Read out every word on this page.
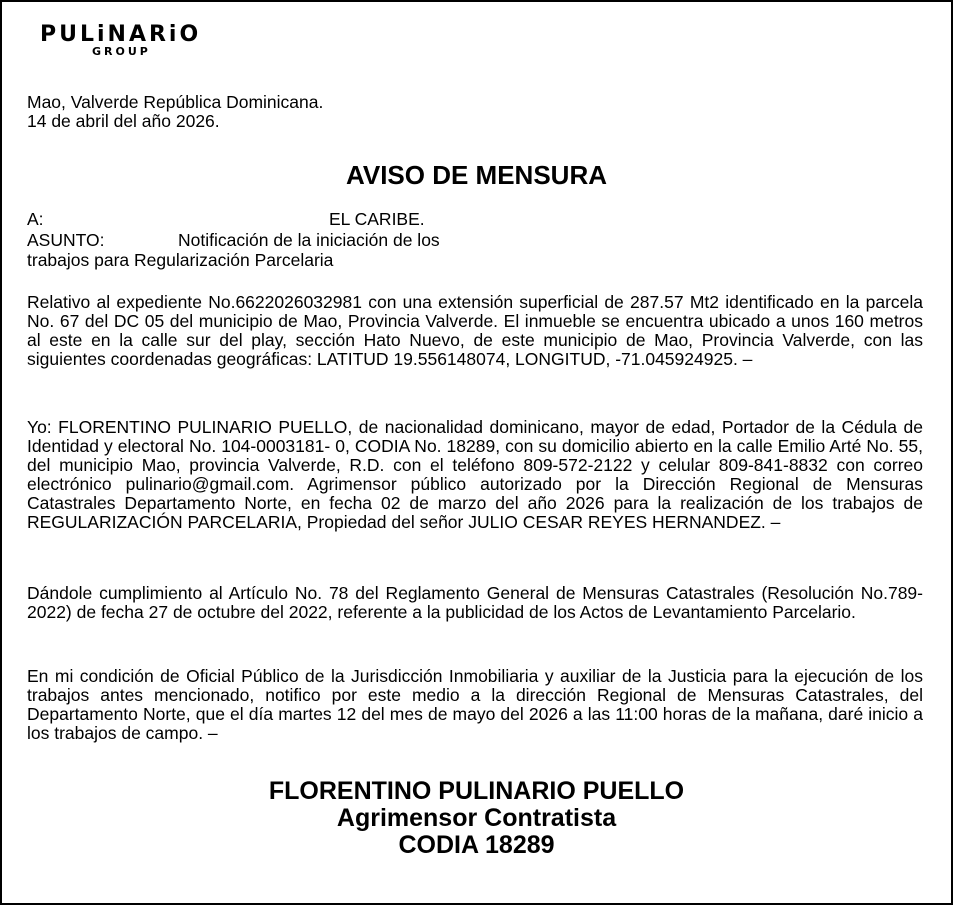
PULiNARiO
GROUP
Mao, Valverde República Dominicana.
14 de abril del año 2026.
AVISO DE MENSURA
A:	EL CARIBE.
ASUNTO:	Notificación de la iniciación de los
trabajos para Regularización Parcelaria
Relativo al expediente No.6622026032981 con una extensión superficial de 287.57 Mt2 identificado en la parcela No. 67 del DC 05 del municipio de Mao, Provincia Valverde. El inmueble se encuentra ubicado a unos 160 metros al este en la calle sur del play, sección Hato Nuevo, de este municipio de Mao, Provincia Valverde, con las siguientes coordenadas geográficas: LATITUD 19.556148074, LONGITUD, -71.045924925. –
Yo: FLORENTINO PULINARIO PUELLO, de nacionalidad dominicano, mayor de edad, Portador de la Cédula de Identidad y electoral No. 104-0003181- 0, CODIA No. 18289, con su domicilio abierto en la calle Emilio Arté No. 55, del municipio Mao, provincia Valverde, R.D. con el teléfono 809-572-2122 y celular 809-841-8832 con correo electrónico pulinario@gmail.com. Agrimensor público autorizado por la Dirección Regional de Mensuras Catastrales Departamento Norte, en fecha 02 de marzo del año 2026 para la realización de los trabajos de REGULARIZACIÓN PARCELARIA, Propiedad del señor JULIO CESAR REYES HERNANDEZ. –
Dándole cumplimiento al Artículo No. 78 del Reglamento General de Mensuras Catastrales (Resolución No.789-2022) de fecha 27 de octubre del 2022, referente a la publicidad de los Actos de Levantamiento Parcelario.
En mi condición de Oficial Público de la Jurisdicción Inmobiliaria y auxiliar de la Justicia para la ejecución de los trabajos antes mencionado, notifico por este medio a la dirección Regional de Mensuras Catastrales, del Departamento Norte, que el día martes 12 del mes de mayo del 2026 a las 11:00 horas de la mañana, daré inicio a los trabajos de campo. –
FLORENTINO PULINARIO PUELLO
Agrimensor Contratista
CODIA 18289
